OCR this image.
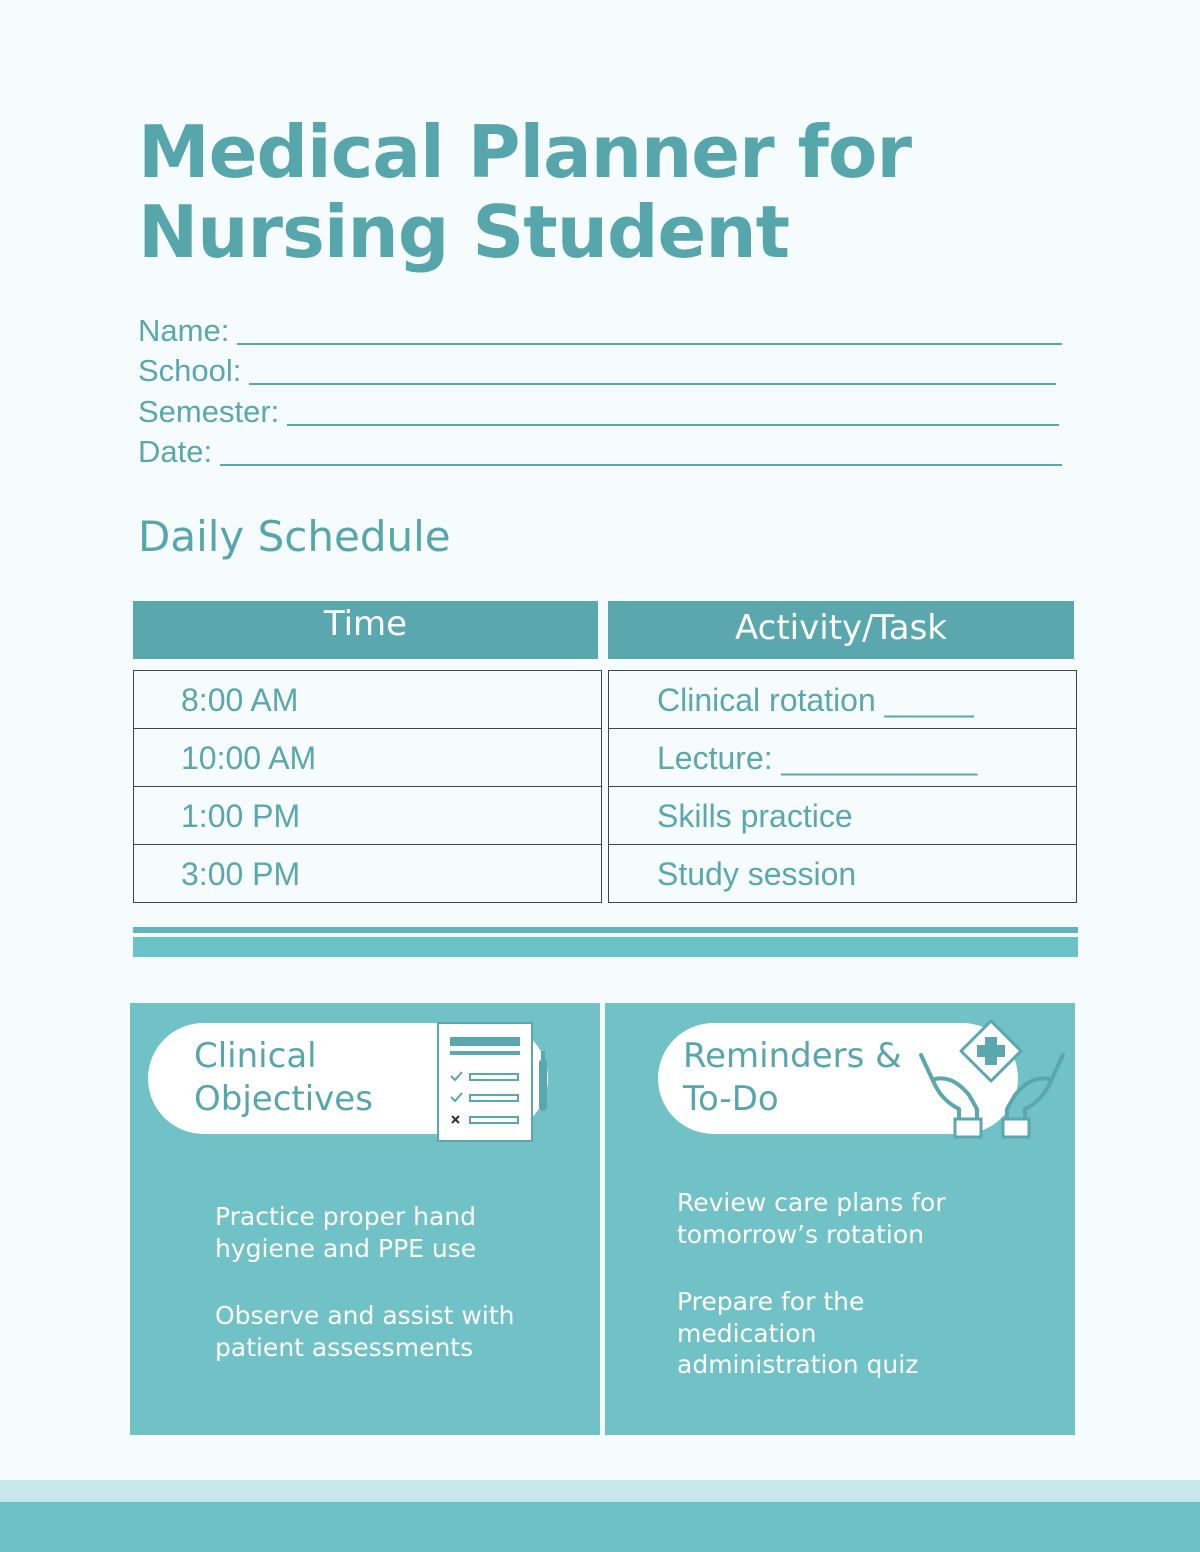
Medical Planner for
Nursing Student
Name:
School:
Semester:
Date:
Daily Schedule
Time	Activity/Task
8:00 AM
10:00 AM
1:00 PM
3:00 PM
Clinical rotation _____
Lecture: ___________
Skills practice
Study session
Clinical
Objectives
Practice proper hand
hygiene and PPE use
Observe and assist with
patient assessments
Reminders &
To-Do
Review care plans for
tomorrow’s rotation
Prepare for the
medication
administration quiz
